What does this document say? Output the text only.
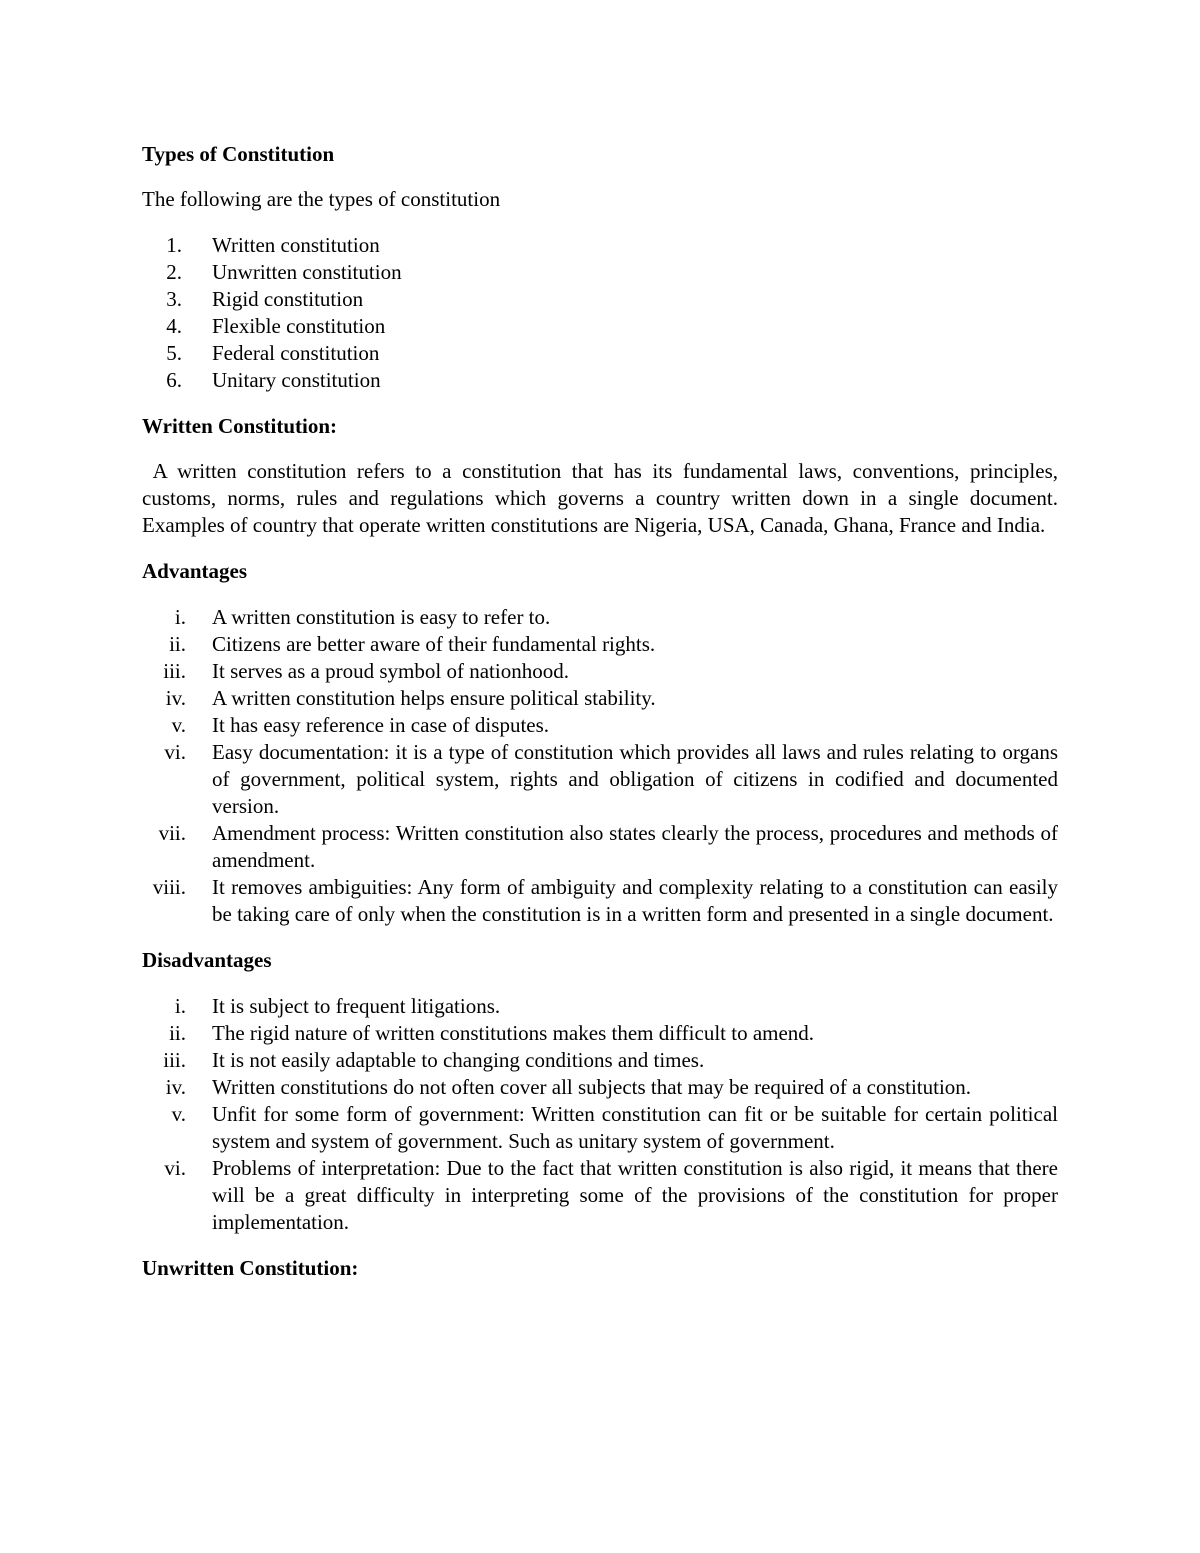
Types of Constitution

The following are the types of constitution

1.	Written constitution
2.	Unwritten constitution
3.	Rigid constitution
4.	Flexible constitution
5.	Federal constitution
6.	Unitary constitution

Written Constitution:

A written constitution refers to a constitution that has its fundamental laws, conventions, principles, customs, norms, rules and regulations which governs a country written down in a single document. Examples of country that operate written constitutions are Nigeria, USA, Canada, Ghana, France and India.

Advantages

i.	A written constitution is easy to refer to.
ii.	Citizens are better aware of their fundamental rights.
iii.	It serves as a proud symbol of nationhood.
iv.	A written constitution helps ensure political stability.
v.	It has easy reference in case of disputes.
vi.	Easy documentation: it is a type of constitution which provides all laws and rules relating to organs of government, political system, rights and obligation of citizens in codified and documented version.
vii.	Amendment process: Written constitution also states clearly the process, procedures and methods of amendment.
viii.	It removes ambiguities: Any form of ambiguity and complexity relating to a constitution can easily be taking care of only when the constitution is in a written form and presented in a single document.

Disadvantages

i.	It is subject to frequent litigations.
ii.	The rigid nature of written constitutions makes them difficult to amend.
iii.	It is not easily adaptable to changing conditions and times.
iv.	Written constitutions do not often cover all subjects that may be required of a constitution.
v.	Unfit for some form of government: Written constitution can fit or be suitable for certain political system and system of government. Such as unitary system of government.
vi.	Problems of interpretation: Due to the fact that written constitution is also rigid, it means that there will be a great difficulty in interpreting some of the provisions of the constitution for proper implementation.

Unwritten Constitution:
